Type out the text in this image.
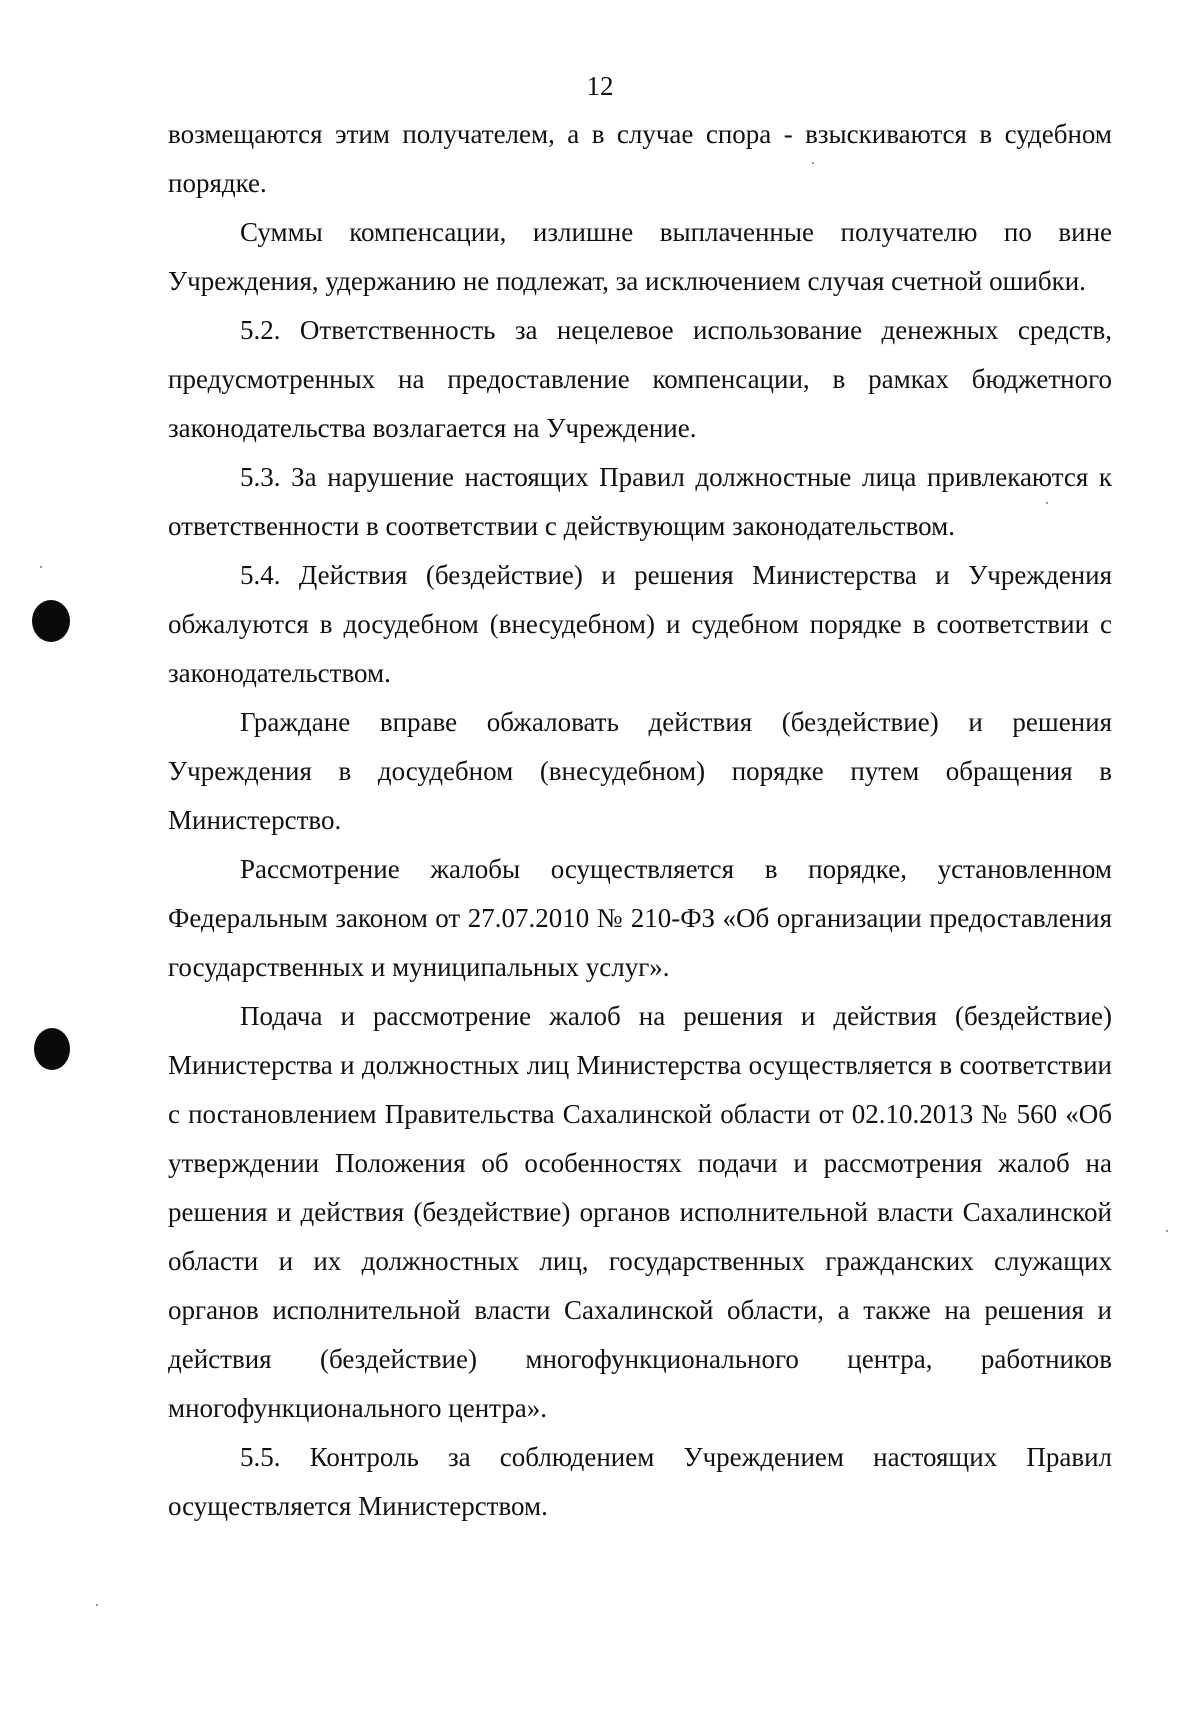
12

возмещаются этим получателем, а в случае спора - взыскиваются в судебном порядке.

Суммы компенсации, излишне выплаченные получателю по вине Учреждения, удержанию не подлежат, за исключением случая счетной ошибки.

5.2. Ответственность за нецелевое использование денежных средств, предусмотренных на предоставление компенсации, в рамках бюджетного законодательства возлагается на Учреждение.

5.3. За нарушение настоящих Правил должностные лица привлекаются к ответственности в соответствии с действующим законодательством.

5.4. Действия (бездействие) и решения Министерства и Учреждения обжалуются в досудебном (внесудебном) и судебном порядке в соответствии с законодательством.

Граждане вправе обжаловать действия (бездействие) и решения Учреждения в досудебном (внесудебном) порядке путем обращения в Министерство.

Рассмотрение жалобы осуществляется в порядке, установленном Федеральным законом от 27.07.2010 № 210-ФЗ «Об организации предоставления государственных и муниципальных услуг».

Подача и рассмотрение жалоб на решения и действия (бездействие) Министерства и должностных лиц Министерства осуществляется в соответствии с постановлением Правительства Сахалинской области от 02.10.2013 № 560 «Об утверждении Положения об особенностях подачи и рассмотрения жалоб на решения и действия (бездействие) органов исполнительной власти Сахалинской области и их должностных лиц, государственных гражданских служащих органов исполнительной власти Сахалинской области, а также на решения и действия (бездействие) многофункционального центра, работников многофункционального центра».

5.5. Контроль за соблюдением Учреждением настоящих Правил осуществляется Министерством.
